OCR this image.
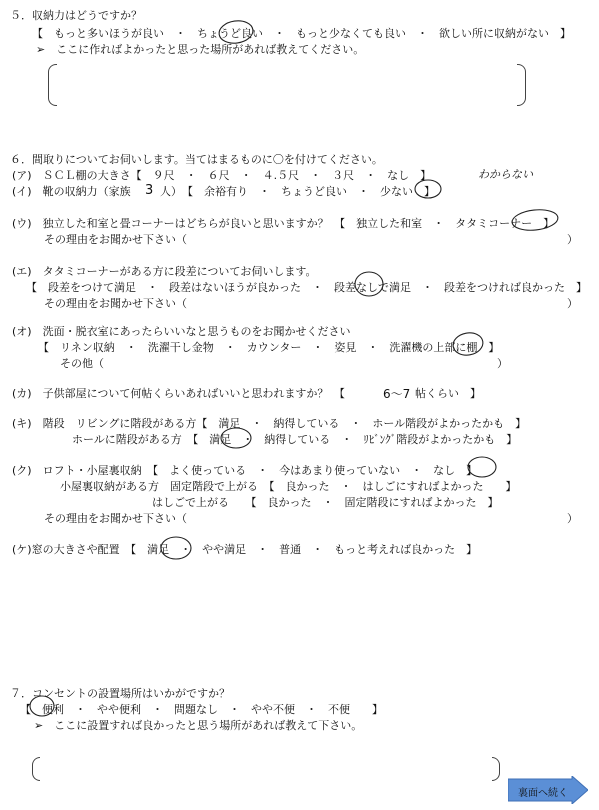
５．収納力はどうですか？
【　もっと多いほうが良い　・　ちょうど良い　・　もっと少なくても良い　・　欲しい所に収納がない　】
➢　ここに作ればよかったと思った場所があれば教えてください。
６．間取りについてお伺いします。当てはまるものに〇を付けてください。
(ア)　ＳＣＬ棚の大きさ【　９尺　・　６尺　・　４.５尺　・　３尺　・　なし　】	わからない
(イ)　靴の収納力（家族 3 人）　【　余裕有り　・　ちょうど良い　・　少ない　】
(ウ)　独立した和室と畳コーナーはどちらが良いと思いますか？　【　独立した和室　・　タタミコーナー　】
その理由をお聞かせ下さい（	）
(エ)　タタミコーナーがある方に段差についてお伺いします。
【　段差をつけて満足　・　段差はないほうが良かった　・　段差なしで満足　・　段差をつければ良かった　】
その理由をお聞かせ下さい（	）
(オ)　洗面・脱衣室にあったらいいなと思うものをお聞かせください
【　リネン収納　・　洗濯干し金物　・　カウンター　・　姿見　・　洗濯機の上部に棚　】
その他（	）
(カ)　子供部屋について何帖くらいあればいいと思われますか？　【	6〜7 帖くらい　】
(キ)　階段　リビングに階段がある方【　満足　・　納得している　・　ホール階段がよかったかも　】
ホールに階段がある方　【　満足　・　納得している　・　ﾘﾋﾞﾝｸﾞ階段がよかったかも　】
(ク)　ロフト・小屋裏収納　【　よく使っている　・　今はあまり使っていない　・　なし　】
小屋裏収納がある方　固定階段で上がる　【　良かった　・　はしごにすればよかった　　】
はしごで上がる　　【　良かった　・　固定階段にすればよかった　】
その理由をお聞かせ下さい（	）
(ケ)窓の大きさや配置　【　満足　・　やや満足　・　普通　・　もっと考えれば良かった　】
７．コンセントの設置場所はいかがですか？
【　便利　・　やや便利　・　問題なし　・　やや不便　・　不便　　】
➢　ここに設置すれば良かったと思う場所があれば教えて下さい。
裏面へ続く
